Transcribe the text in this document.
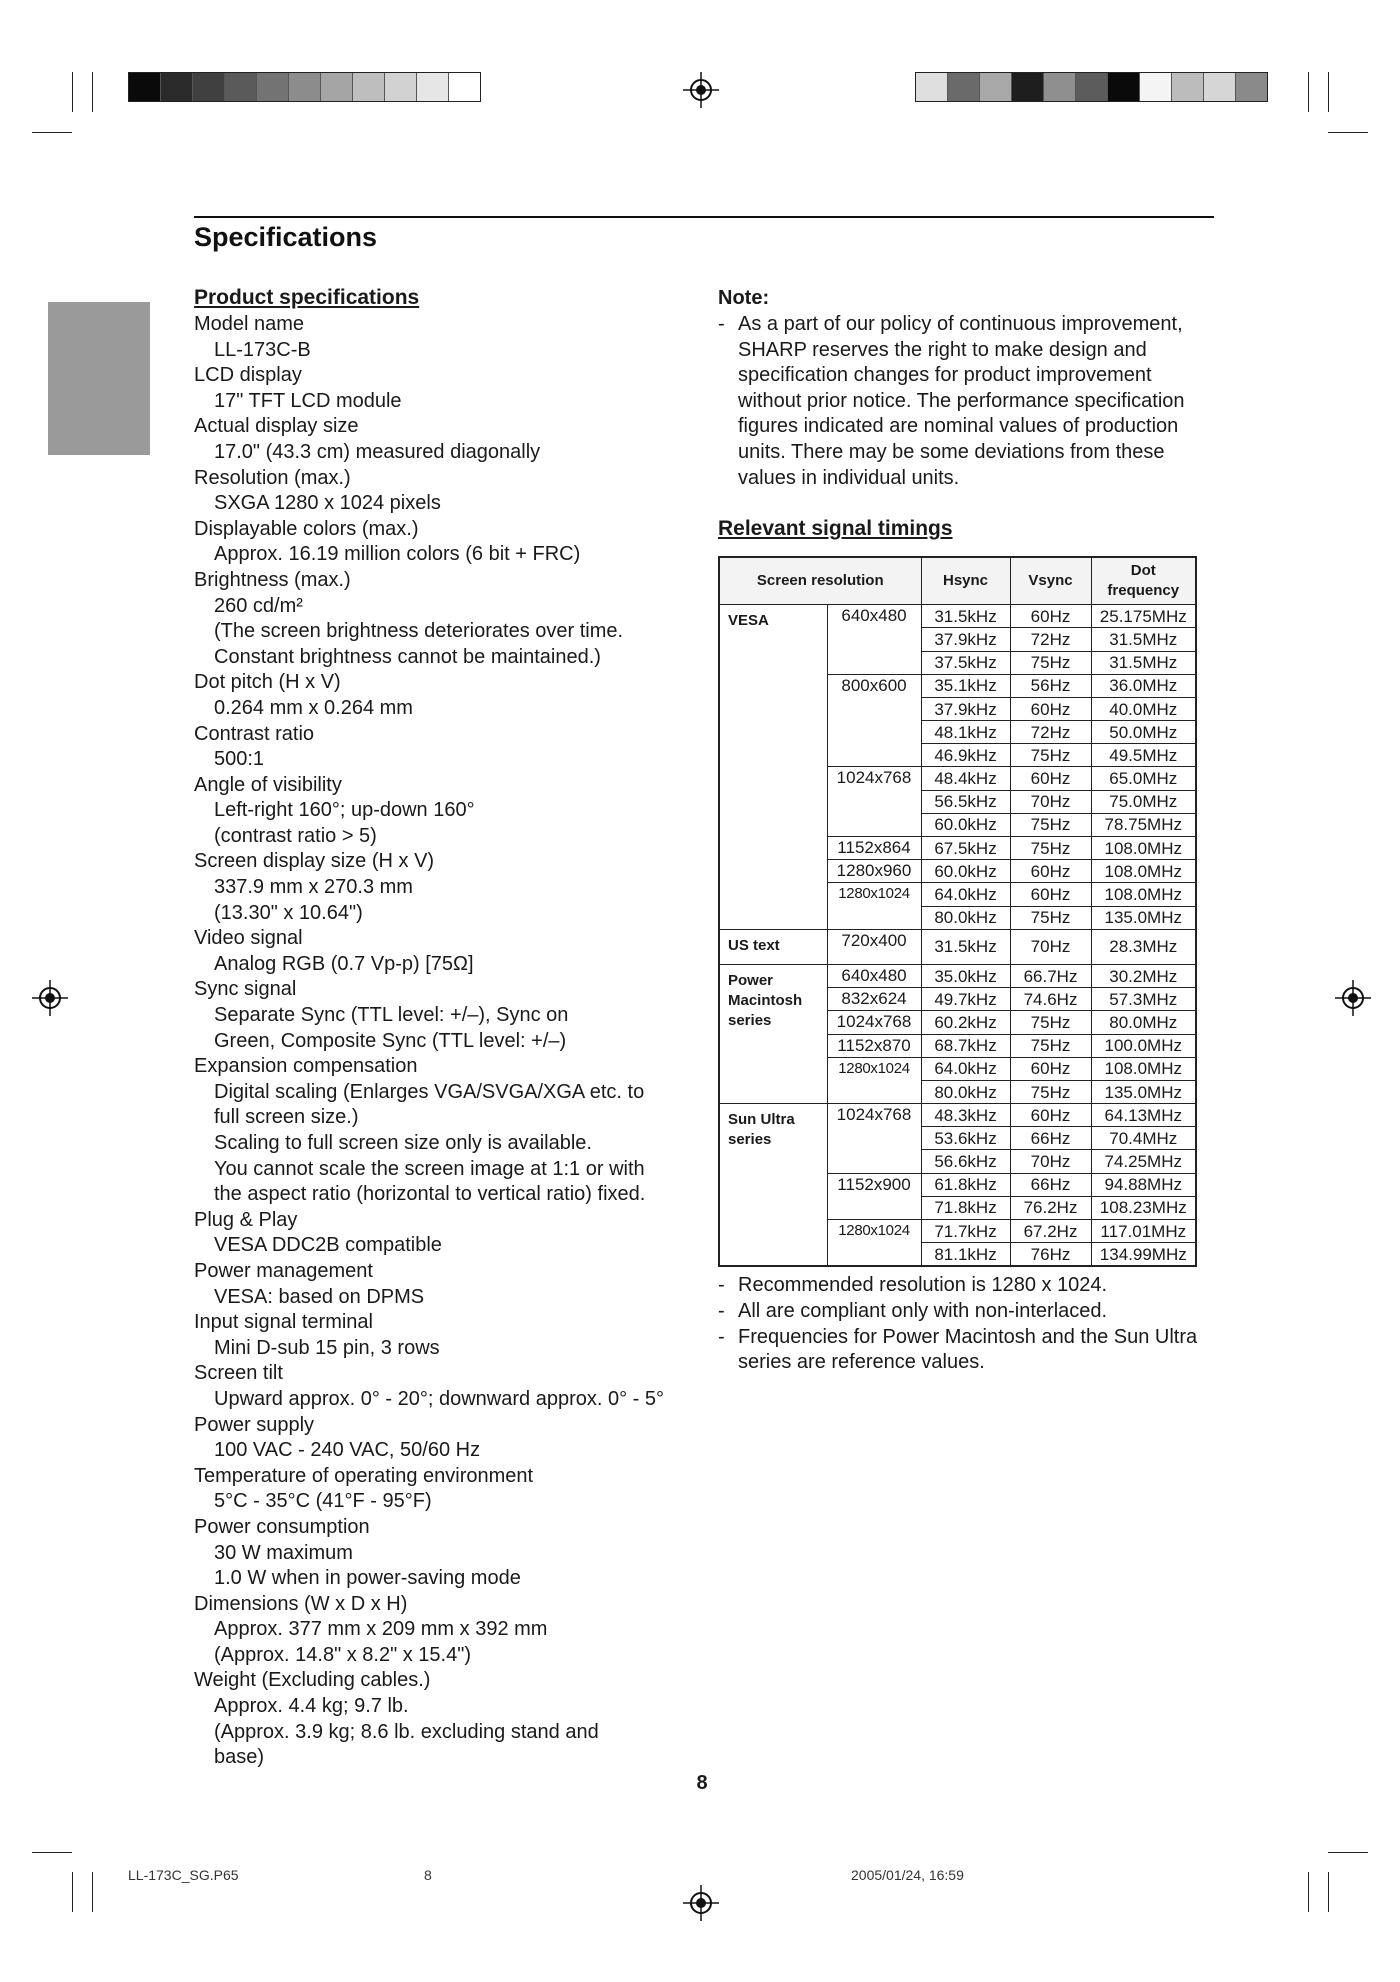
Specifications
Product specifications
Model name
LL-173C-B
LCD display
17" TFT LCD module
Actual display size
17.0" (43.3 cm) measured diagonally
Resolution (max.)
SXGA 1280 x 1024 pixels
Displayable colors (max.)
Approx. 16.19 million colors (6 bit + FRC)
Brightness (max.)
260 cd/m²
(The screen brightness deteriorates over time.
Constant brightness cannot be maintained.)
Dot pitch (H x V)
0.264 mm x 0.264 mm
Contrast ratio
500:1
Angle of visibility
Left-right 160°; up-down 160°
(contrast ratio > 5)
Screen display size (H x V)
337.9 mm x 270.3 mm
(13.30" x 10.64")
Video signal
Analog RGB (0.7 Vp-p) [75Ω]
Sync signal
Separate Sync (TTL level: +/–), Sync on
Green, Composite Sync (TTL level: +/–)
Expansion compensation
Digital scaling (Enlarges VGA/SVGA/XGA etc. to
full screen size.)
Scaling to full screen size only is available.
You cannot scale the screen image at 1:1 or with
the aspect ratio (horizontal to vertical ratio) fixed.
Plug & Play
VESA DDC2B compatible
Power management
VESA: based on DPMS
Input signal terminal
Mini D-sub 15 pin, 3 rows
Screen tilt
Upward approx. 0° - 20°; downward approx. 0° - 5°
Power supply
100 VAC - 240 VAC, 50/60 Hz
Temperature of operating environment
5°C - 35°C (41°F - 95°F)
Power consumption
30 W maximum
1.0 W when in power-saving mode
Dimensions (W x D x H)
Approx. 377 mm x 209 mm x 392 mm
(Approx. 14.8" x 8.2" x 15.4")
Weight (Excluding cables.)
Approx. 4.4 kg; 9.7 lb.
(Approx. 3.9 kg; 8.6 lb. excluding stand and
base)
Note:
- As a part of our policy of continuous improvement, SHARP reserves the right to make design and specification changes for product improvement without prior notice. The performance specification figures indicated are nominal values of production units. There may be some deviations from these values in individual units.
Relevant signal timings
Screen resolution		Hsync	Vsync	Dot frequency
VESA	640x480	31.5kHz	60Hz	25.175MHz
		37.9kHz	72Hz	31.5MHz
		37.5kHz	75Hz	31.5MHz
	800x600	35.1kHz	56Hz	36.0MHz
		37.9kHz	60Hz	40.0MHz
		48.1kHz	72Hz	50.0MHz
		46.9kHz	75Hz	49.5MHz
	1024x768	48.4kHz	60Hz	65.0MHz
		56.5kHz	70Hz	75.0MHz
		60.0kHz	75Hz	78.75MHz
	1152x864	67.5kHz	75Hz	108.0MHz
	1280x960	60.0kHz	60Hz	108.0MHz
	1280x1024	64.0kHz	60Hz	108.0MHz
		80.0kHz	75Hz	135.0MHz
US text	720x400	31.5kHz	70Hz	28.3MHz
Power Macintosh series	640x480	35.0kHz	66.7Hz	30.2MHz
	832x624	49.7kHz	74.6Hz	57.3MHz
	1024x768	60.2kHz	75Hz	80.0MHz
	1152x870	68.7kHz	75Hz	100.0MHz
	1280x1024	64.0kHz	60Hz	108.0MHz
		80.0kHz	75Hz	135.0MHz
Sun Ultra series	1024x768	48.3kHz	60Hz	64.13MHz
		53.6kHz	66Hz	70.4MHz
		56.6kHz	70Hz	74.25MHz
	1152x900	61.8kHz	66Hz	94.88MHz
		71.8kHz	76.2Hz	108.23MHz
	1280x1024	71.7kHz	67.2Hz	117.01MHz
		81.1kHz	76Hz	134.99MHz
- Recommended resolution is 1280 x 1024.
- All are compliant only with non-interlaced.
- Frequencies for Power Macintosh and the Sun Ultra series are reference values.
8
LL-173C_SG.P65	8	2005/01/24, 16:59
